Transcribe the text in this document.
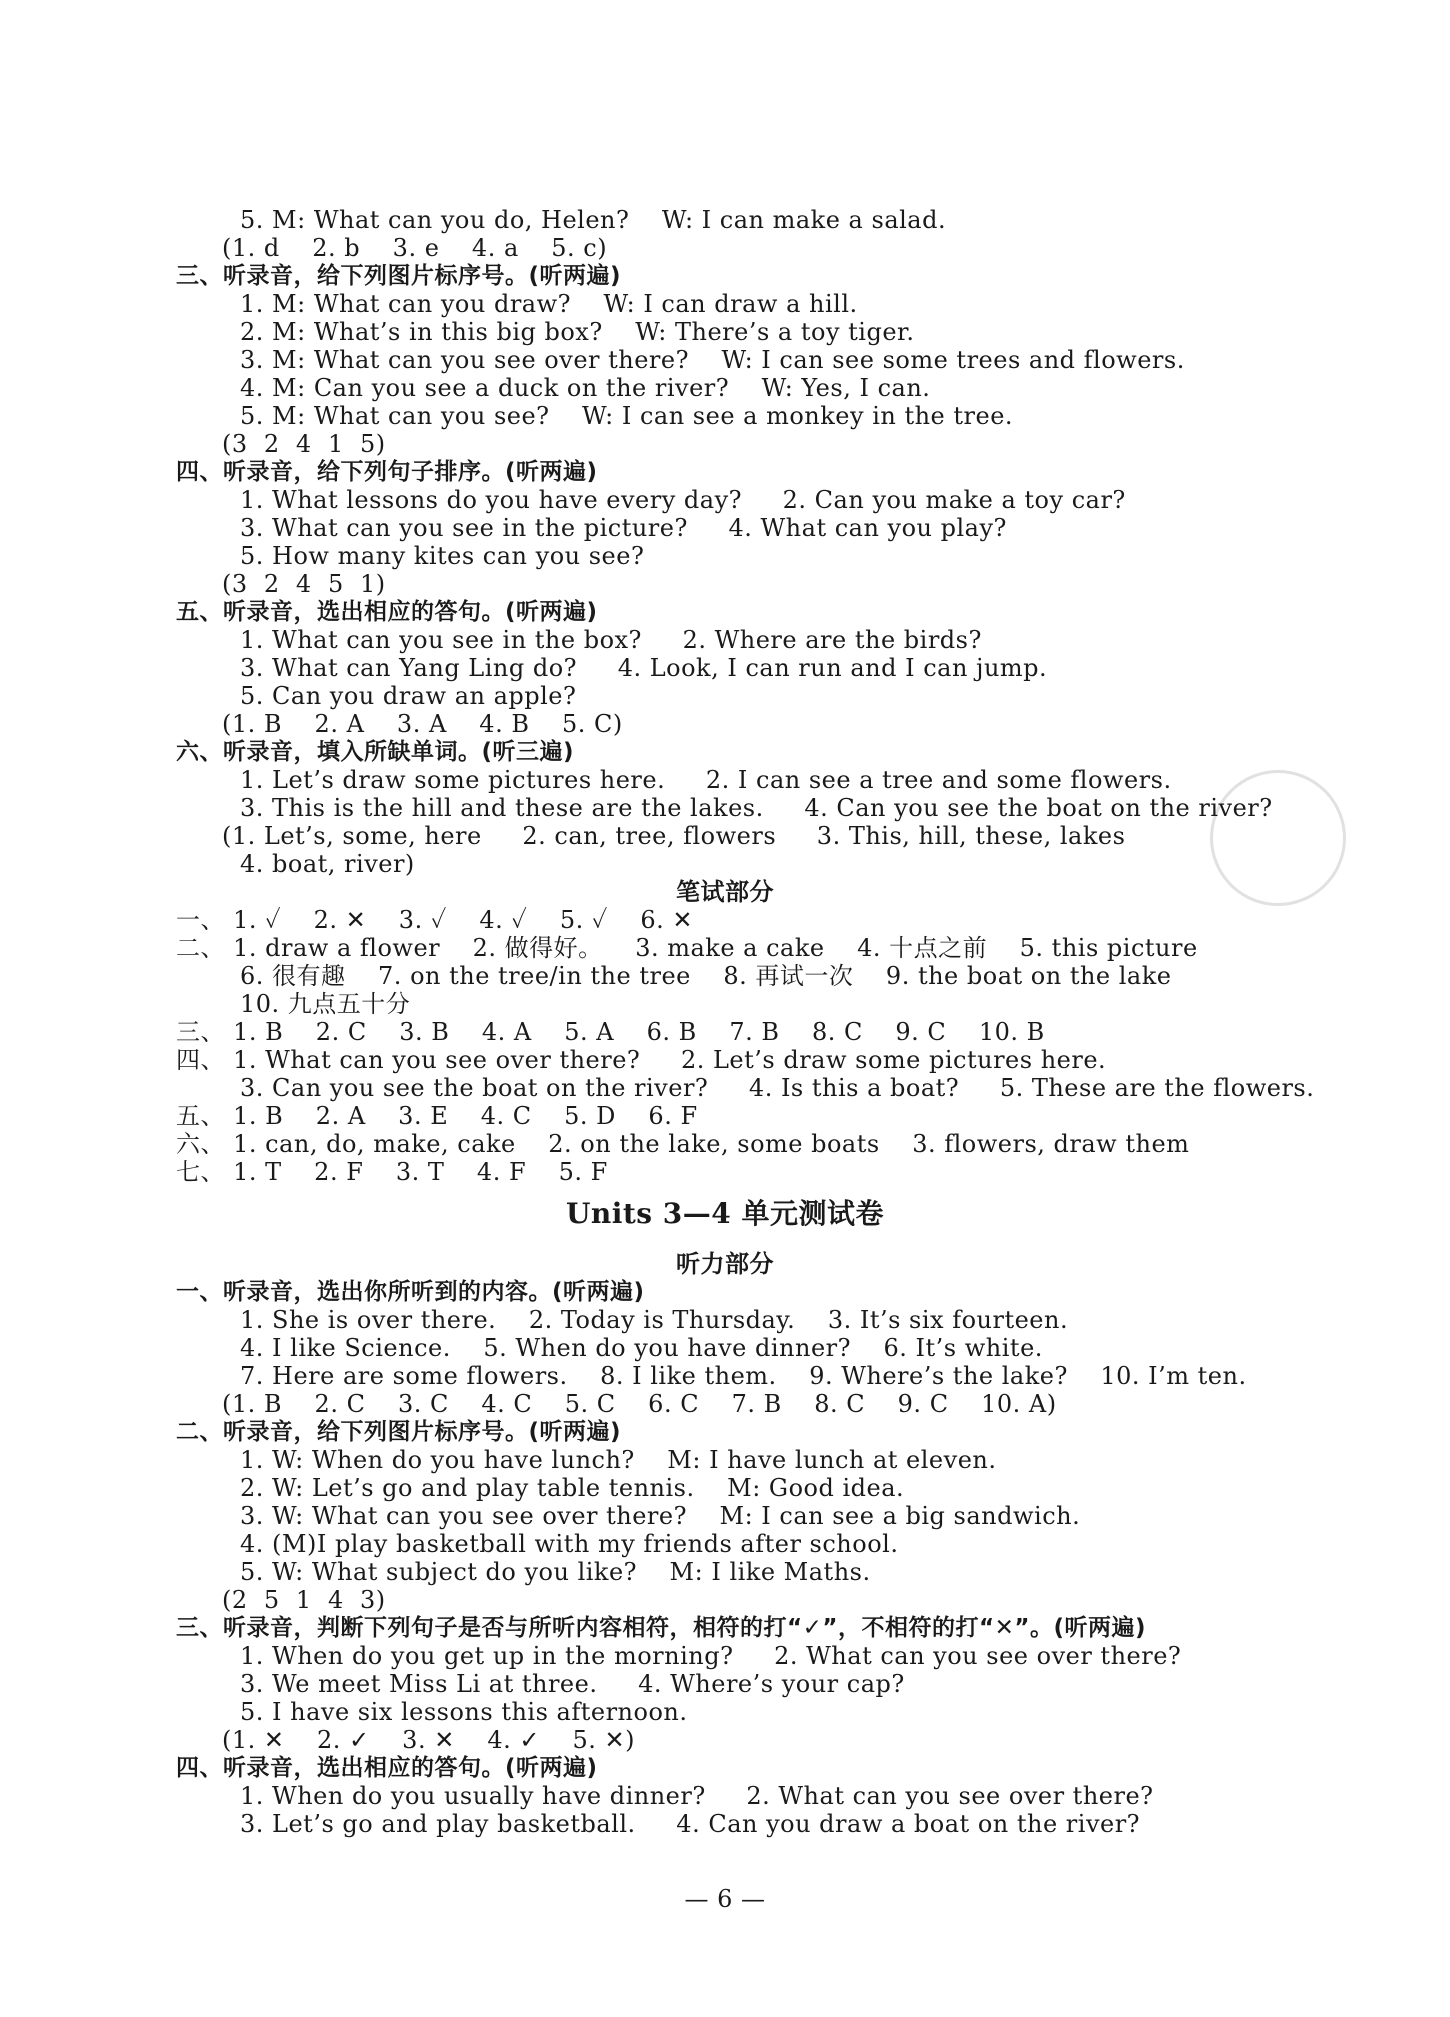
5. M: What can you do, Helen?    W: I can make a salad.
(1. d    2. b    3. e    4. a    5. c)
三、听录音，给下列图片标序号。(听两遍)
1. M: What can you draw?    W: I can draw a hill.
2. M: What’s in this big box?    W: There’s a toy tiger.
3. M: What can you see over there?    W: I can see some trees and flowers.
4. M: Can you see a duck on the river?    W: Yes, I can.
5. M: What can you see?    W: I can see a monkey in the tree.
(3  2  4  1  5)
四、听录音，给下列句子排序。(听两遍)
1. What lessons do you have every day?     2. Can you make a toy car?
3. What can you see in the picture?     4. What can you play?
5. How many kites can you see?
(3  2  4  5  1)
五、听录音，选出相应的答句。(听两遍)
1. What can you see in the box?     2. Where are the birds?
3. What can Yang Ling do?     4. Look, I can run and I can jump.
5. Can you draw an apple?
(1. B    2. A    3. A    4. B    5. C)
六、听录音，填入所缺单词。(听三遍)
1. Let’s draw some pictures here.     2. I can see a tree and some flowers.
3. This is the hill and these are the lakes.     4. Can you see the boat on the river?
(1. Let’s, some, here     2. can, tree, flowers     3. This, hill, these, lakes
4. boat, river)
笔试部分
一、 1. ✓    2. ✕    3. ✓    4. ✓    5. ✓    6. ✕
二、 1. draw a flower    2. 做得好。    3. make a cake    4. 十点之前    5. this picture
6. 很有趣    7. on the tree/in the tree    8. 再试一次    9. the boat on the lake
10. 九点五十分
三、 1. B    2. C    3. B    4. A    5. A    6. B    7. B    8. C    9. C    10. B
四、 1. What can you see over there?     2. Let’s draw some pictures here.
3. Can you see the boat on the river?     4. Is this a boat?     5. These are the flowers.
五、 1. B    2. A    3. E    4. C    5. D    6. F
六、 1. can, do, make, cake    2. on the lake, some boats    3. flowers, draw them
七、 1. T    2. F    3. T    4. F    5. F
Units 3—4 单元测试卷
听力部分
一、听录音，选出你所听到的内容。(听两遍)
1. She is over there.    2. Today is Thursday.    3. It’s six fourteen.
4. I like Science.    5. When do you have dinner?    6. It’s white.
7. Here are some flowers.    8. I like them.    9. Where’s the lake?    10. I’m ten.
(1. B    2. C    3. C    4. C    5. C    6. C    7. B    8. C    9. C    10. A)
二、听录音，给下列图片标序号。(听两遍)
1. W: When do you have lunch?    M: I have lunch at eleven.
2. W: Let’s go and play table tennis.    M: Good idea.
3. W: What can you see over there?    M: I can see a big sandwich.
4. (M)I play basketball with my friends after school.
5. W: What subject do you like?    M: I like Maths.
(2  5  1  4  3)
三、听录音，判断下列句子是否与所听内容相符，相符的打“✓”，不相符的打“✕”。(听两遍)
1. When do you get up in the morning?     2. What can you see over there?
3. We meet Miss Li at three.     4. Where’s your cap?
5. I have six lessons this afternoon.
(1. ✕    2. ✓    3. ✕    4. ✓    5. ✕)
四、听录音，选出相应的答句。(听两遍)
1. When do you usually have dinner?     2. What can you see over there?
3. Let’s go and play basketball.     4. Can you draw a boat on the river?
— 6 —
